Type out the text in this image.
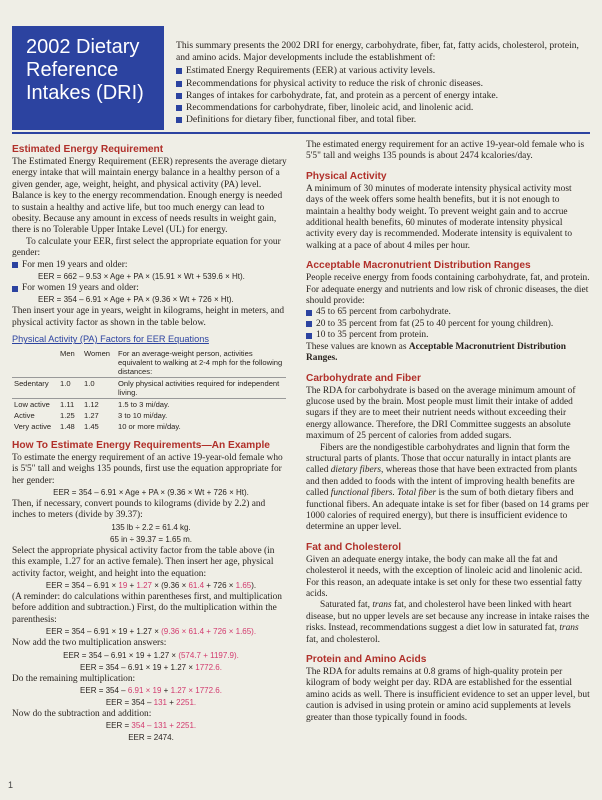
2002 Dietary
Reference
Intakes (DRI)

This summary presents the 2002 DRI for energy, carbohydrate, fiber, fat, fatty acids, cholesterol, protein, and amino acids. Major developments include the establishment of:

Estimated Energy Requirements (EER) at various activity levels.
Recommendations for physical activity to reduce the risk of chronic diseases.
Ranges of intakes for carbohydrate, fat, and protein as a percent of energy intake.
Recommendations for carbohydrate, fiber, linoleic acid, and linolenic acid.
Definitions for dietary fiber, functional fiber, and total fiber.
Estimated Energy Requirement

The Estimated Energy Requirement (EER) represents the average dietary energy intake that will maintain energy balance in a healthy person of a given gender, age, weight, height, and physical activity (PA) level. Balance is key to the energy recommendation. Enough energy is needed to sustain a healthy and active life, but too much energy can lead to obesity. Because any amount in excess of needs results in weight gain, there is no Tolerable Upper Intake Level (UL) for energy.

To calculate your EER, first select the appropriate equation for your gender:

For men 19 years and older:
EER = 662 – 9.53 × Age + PA × (15.91 × Wt + 539.6 × Ht).
For women 19 years and older:
EER = 354 – 6.91 × Age + PA × (9.36 × Wt + 726 × Ht).

Then insert your age in years, weight in kilograms, height in meters, and physical activity factor as shown in the table below.

Physical Activity (PA) Factors for EER Equations
	Men	Women	For an average-weight person, activities equivalent to walking at 2-4 mph for the following distances:
Sedentary	1.0	1.0	Only physical activities required for independent living.
Low active	1.11	1.12	1.5 to 3 mi/day.
Active	1.25	1.27	3 to 10 mi/day.
Very active	1.48	1.45	10 or more mi/day.
How To Estimate Energy Requirements—An Example

To estimate the energy requirement of an active 19-year-old female who is 5'5" tall and weighs 135 pounds, first use the equation appropriate for her gender:

EER = 354 – 6.91 × Age + PA × (9.36 × Wt + 726 × Ht).

Then, if necessary, convert pounds to kilograms (divide by 2.2) and inches to meters (divide by 39.37):

135 lb ÷ 2.2 = 61.4 kg.
65 in ÷ 39.37 = 1.65 m.

Select the appropriate physical activity factor from the table above (in this example, 1.27 for an active female). Then insert her age, physical activity factor, weight, and height into the equation:

EER = 354 – 6.91 × 19 + 1.27 × (9.36 × 61.4 + 726 × 1.65).

(A reminder: do calculations within parentheses first, and multiplication before addition and subtraction.) First, do the multiplication within the parenthesis:

EER = 354 – 6.91 × 19 + 1.27 × (9.36 × 61.4 + 726 × 1.65).

Now add the two multiplication answers:

EER = 354 – 6.91 × 19 + 1.27 × (574.7 + 1197.9).
EER = 354 – 6.91 × 19 + 1.27 × 1772.6.

Do the remaining multiplication:

EER = 354 – 6.91 × 19 + 1.27 × 1772.6.
EER = 354 – 131 + 2251.

Now do the subtraction and addition:

EER = 354 – 131 + 2251.
EER = 2474.

The estimated energy requirement for an active 19-year-old female who is 5'5" tall and weighs 135 pounds is about 2474 kcalories/day.

Physical Activity

A minimum of 30 minutes of moderate intensity physical activity most days of the week offers some health benefits, but it is not enough to maintain a healthy body weight. To prevent weight gain and to accrue additional health benefits, 60 minutes of moderate intensity physical activity every day is recommended. Moderate intensity is equivalent to walking at a pace of about 4 miles per hour.

Acceptable Macronutrient Distribution Ranges

People receive energy from foods containing carbohydrate, fat, and protein. For adequate energy and nutrients and low risk of chronic diseases, the diet should provide:

45 to 65 percent from carbohydrate.
20 to 35 percent from fat (25 to 40 percent for young children).
10 to 35 percent from protein.

These values are known as Acceptable Macronutrient Distribution Ranges.

Carbohydrate and Fiber

The RDA for carbohydrate is based on the average minimum amount of glucose used by the brain. Most people must limit their intake of added sugars if they are to meet their nutrient needs without exceeding their energy allowance. Therefore, the DRI Committee suggests an absolute maximum of 25 percent of calories from added sugars.

Fibers are the nondigestible carbohydrates and lignin that form the structural parts of plants. Those that occur naturally in intact plants are called dietary fibers, whereas those that have been extracted from plants and then added to foods with the intent of improving health benefits are called functional fibers. Total fiber is the sum of both dietary fibers and functional fibers. An adequate intake is set for fiber (based on 14 grams per 1000 calories of required energy), but there is insufficient evidence to determine an upper level.

Fat and Cholesterol

Given an adequate energy intake, the body can make all the fat and cholesterol it needs, with the exception of linoleic acid and linolenic acid. For this reason, an adequate intake is set only for these two essential fatty acids.

Saturated fat, trans fat, and cholesterol have been linked with heart disease, but no upper levels are set because any increase in intake raises the risks. Instead, recommendations suggest a diet low in saturated fat, trans fat, and cholesterol.

Protein and Amino Acids

The RDA for adults remains at 0.8 grams of high-quality protein per kilogram of body weight per day. RDA are established for the essential amino acids as well. There is insufficient evidence to set an upper level, but caution is advised in using protein or amino acid supplements at levels greater than those typically found in foods.

1
